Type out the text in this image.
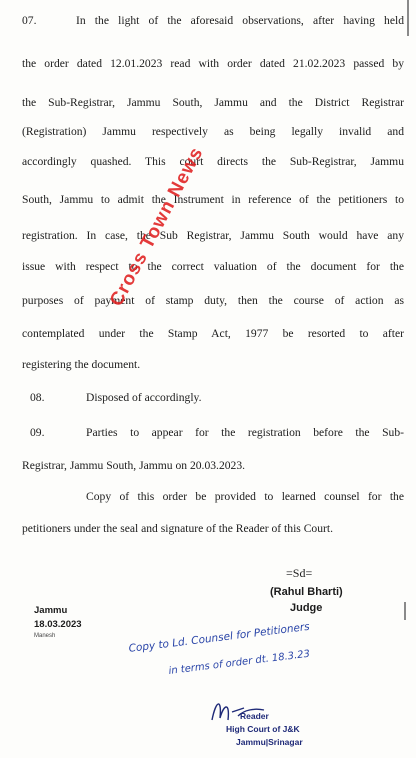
07.	In the light of the aforesaid observations, after having held
the order dated 12.01.2023 read with order dated 21.02.2023 passed by
the Sub-Registrar, Jammu South, Jammu and the District Registrar
(Registration) Jammu respectively as being legally invalid and
accordingly quashed. This court directs the Sub-Registrar, Jammu
South, Jammu to admit the Instrument in reference of the petitioners to
registration. In case, the Sub Registrar, Jammu South would have any
issue with respect to the correct valuation of the document for the
purposes of payment of stamp duty, then the course of action as
contemplated under the Stamp Act, 1977 be resorted to after
registering the document.
08.	Disposed of accordingly.
09.	Parties to appear for the registration before the Sub-
Registrar, Jammu South, Jammu on 20.03.2023.
Copy of this order be provided to learned counsel for the
petitioners under the seal and signature of the Reader of this Court.
=Sd=
(Rahul Bharti)
Judge
Jammu
18.03.2023
Manesh	Copy to Ld. Counsel for Petitioners
in terms of order dt. 18.3.23
Reader
High Court of J&K
Jammu|Srinagar
Cross Town News
